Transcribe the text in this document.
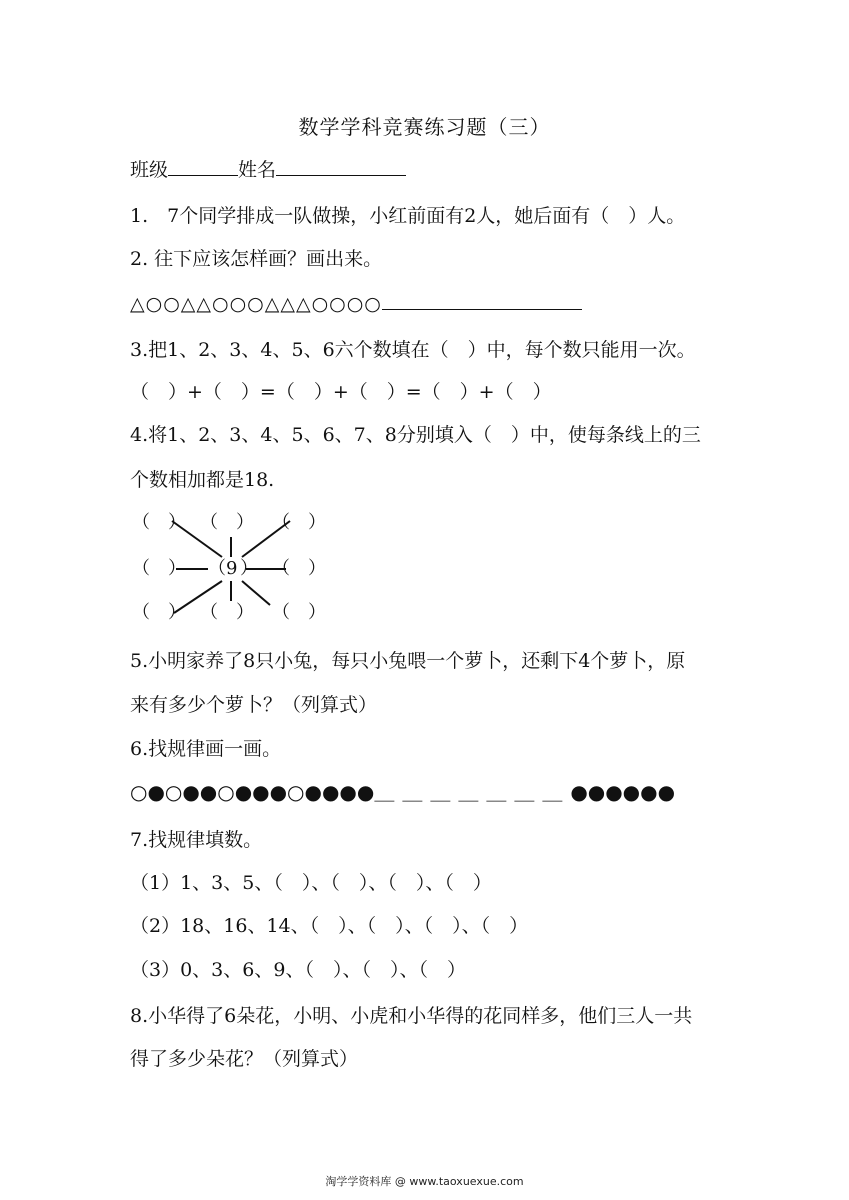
数学学科竞赛练习题（三）
班级	姓名
1.　7个同学排成一队做操，小红前面有2人，她后面有（　）人。
2. 往下应该怎样画？画出来。
△○○△△○○○△△△○○○○
3.把1、2、3、4、5、6六个数填在（　）中，每个数只能用一次。
（　）+（　）=（　）+（　）=（　）+（　）
4.将1、2、3、4、5、6、7、8分别填入（　）中，使每条线上的三
个数相加都是18.
（　） （　） （　）
（　） （ 9 ） （　）
（　） （　） （　）
5.小明家养了8只小兔，每只小兔喂一个萝卜，还剩下4个萝卜，原
来有多少个萝卜？（列算式）
6.找规律画一画。
○●○●●○●●●○●●●●＿＿＿＿＿＿＿●●●●●●
7.找规律填数。
（1）1、3、5、（　）、（　）、（　）、（　）
（2）18、16、14、（　）、（　）、（　）、（　）
（3）0、3、6、9、（　）、（　）、（　）
8.小华得了6朵花，小明、小虎和小华得的花同样多，他们三人一共
得了多少朵花？（列算式）
淘学学资料库 @ www.taoxuexue.com
